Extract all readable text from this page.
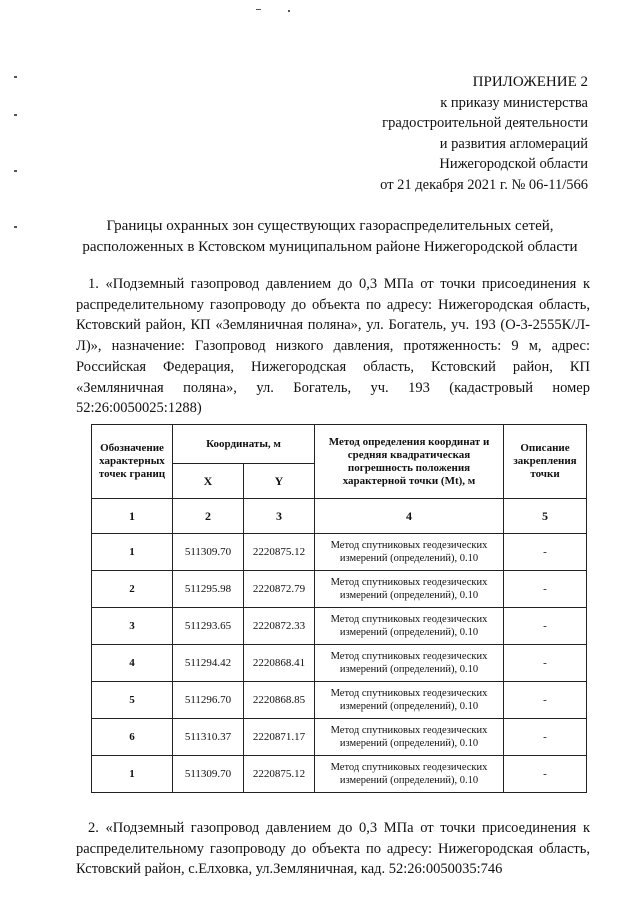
ПРИЛОЖЕНИЕ 2
к приказу министерства
градостроительной деятельности
и развития агломераций
Нижегородской области
от 21 декабря 2021 г. № 06-11/566
Границы охранных зон существующих газораспределительных сетей,
расположенных в Кстовском муниципальном районе Нижегородской области
1. «Подземный газопровод давлением до 0,3 МПа от точки присоединения к распределительному газопроводу до объекта по адресу: Нижегородская область, Кстовский район, КП «Земляничная поляна», ул. Богатель, уч. 193 (О-3-2555К/Л-Л)», назначение: Газопровод низкого давления, протяженность: 9 м, адрес: Российская Федерация, Нижегородская область, Кстовский район, КП «Земляничная поляна», ул. Богатель, уч. 193 (кадастровый номер 52:26:0050025:1288)
Обозначение характерных точек границ	Координаты, м		Метод определения координат и средняя квадратическая погрешность положения характерной точки (Mt), м	Описание закрепления точки
	X	Y		
1	2	3	4	5
1	511309.70	2220875.12	Метод спутниковых геодезических измерений (определений), 0.10	-
2	511295.98	2220872.79	Метод спутниковых геодезических измерений (определений), 0.10	-
3	511293.65	2220872.33	Метод спутниковых геодезических измерений (определений), 0.10	-
4	511294.42	2220868.41	Метод спутниковых геодезических измерений (определений), 0.10	-
5	511296.70	2220868.85	Метод спутниковых геодезических измерений (определений), 0.10	-
6	511310.37	2220871.17	Метод спутниковых геодезических измерений (определений), 0.10	-
1	511309.70	2220875.12	Метод спутниковых геодезических измерений (определений), 0.10	-
2. «Подземный газопровод давлением до 0,3 МПа от точки присоединения к распределительному газопроводу до объекта по адресу: Нижегородская область, Кстовский район, с.Елховка, ул.Земляничная, кад. 52:26:0050035:746
